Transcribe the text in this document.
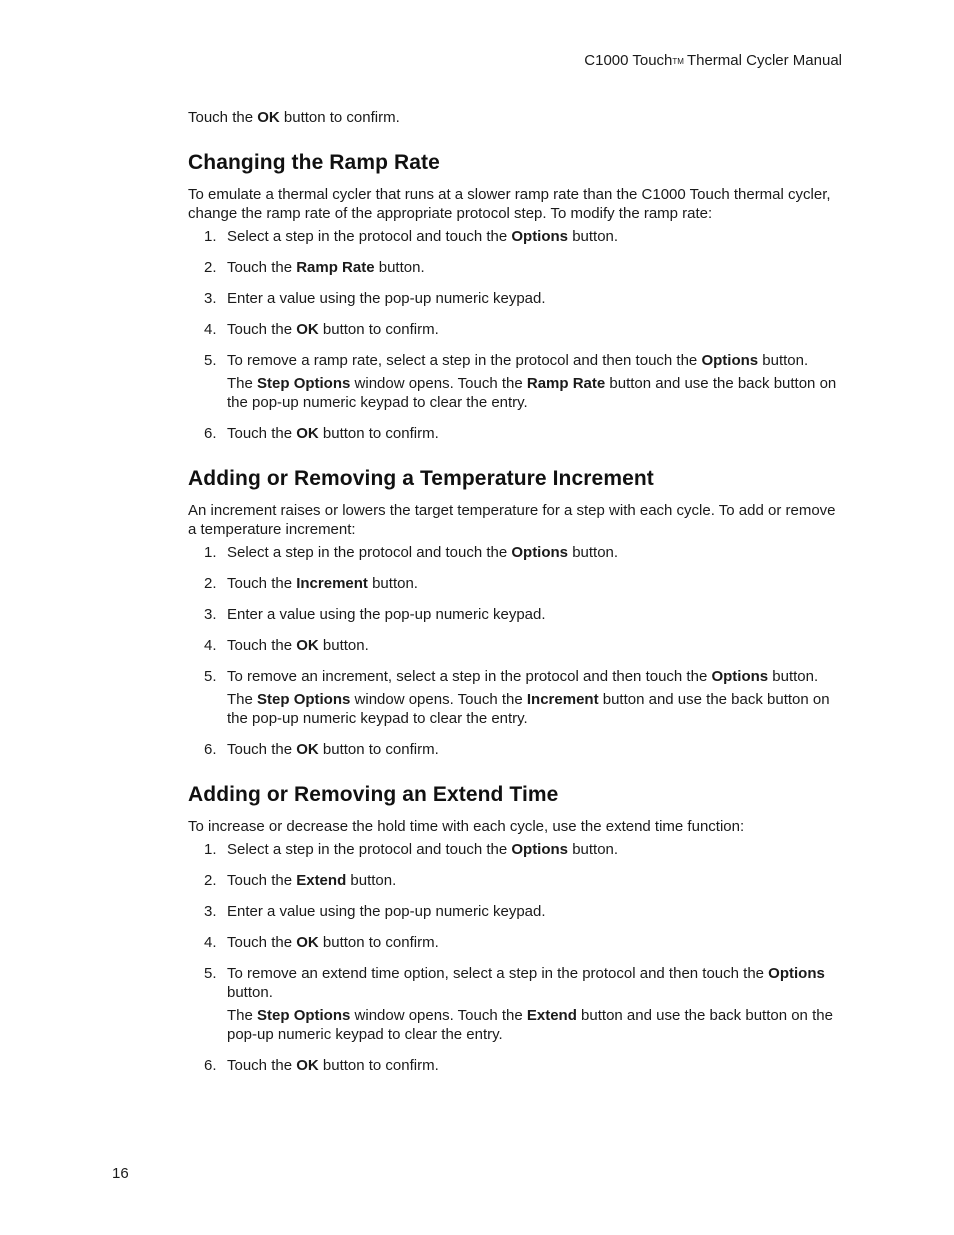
C1000 Touch™ Thermal Cycler Manual

Touch the OK button to confirm.

Changing the Ramp Rate

To emulate a thermal cycler that runs at a slower ramp rate than the C1000 Touch thermal cycler, change the ramp rate of the appropriate protocol step. To modify the ramp rate:

1. Select a step in the protocol and touch the Options button.
2. Touch the Ramp Rate button.
3. Enter a value using the pop-up numeric keypad.
4. Touch the OK button to confirm.
5. To remove a ramp rate, select a step in the protocol and then touch the Options button.
The Step Options window opens. Touch the Ramp Rate button and use the back button on the pop-up numeric keypad to clear the entry.
6. Touch the OK button to confirm.
Adding or Removing a Temperature Increment

An increment raises or lowers the target temperature for a step with each cycle. To add or remove a temperature increment:

1. Select a step in the protocol and touch the Options button.
2. Touch the Increment button.
3. Enter a value using the pop-up numeric keypad.
4. Touch the OK button.
5. To remove an increment, select a step in the protocol and then touch the Options button.
The Step Options window opens. Touch the Increment button and use the back button on the pop-up numeric keypad to clear the entry.
6. Touch the OK button to confirm.
Adding or Removing an Extend Time

To increase or decrease the hold time with each cycle, use the extend time function:

1. Select a step in the protocol and touch the Options button.
2. Touch the Extend button.
3. Enter a value using the pop-up numeric keypad.
4. Touch the OK button to confirm.
5. To remove an extend time option, select a step in the protocol and then touch the Options button.
The Step Options window opens. Touch the Extend button and use the back button on the pop-up numeric keypad to clear the entry.
6. Touch the OK button to confirm.
16
